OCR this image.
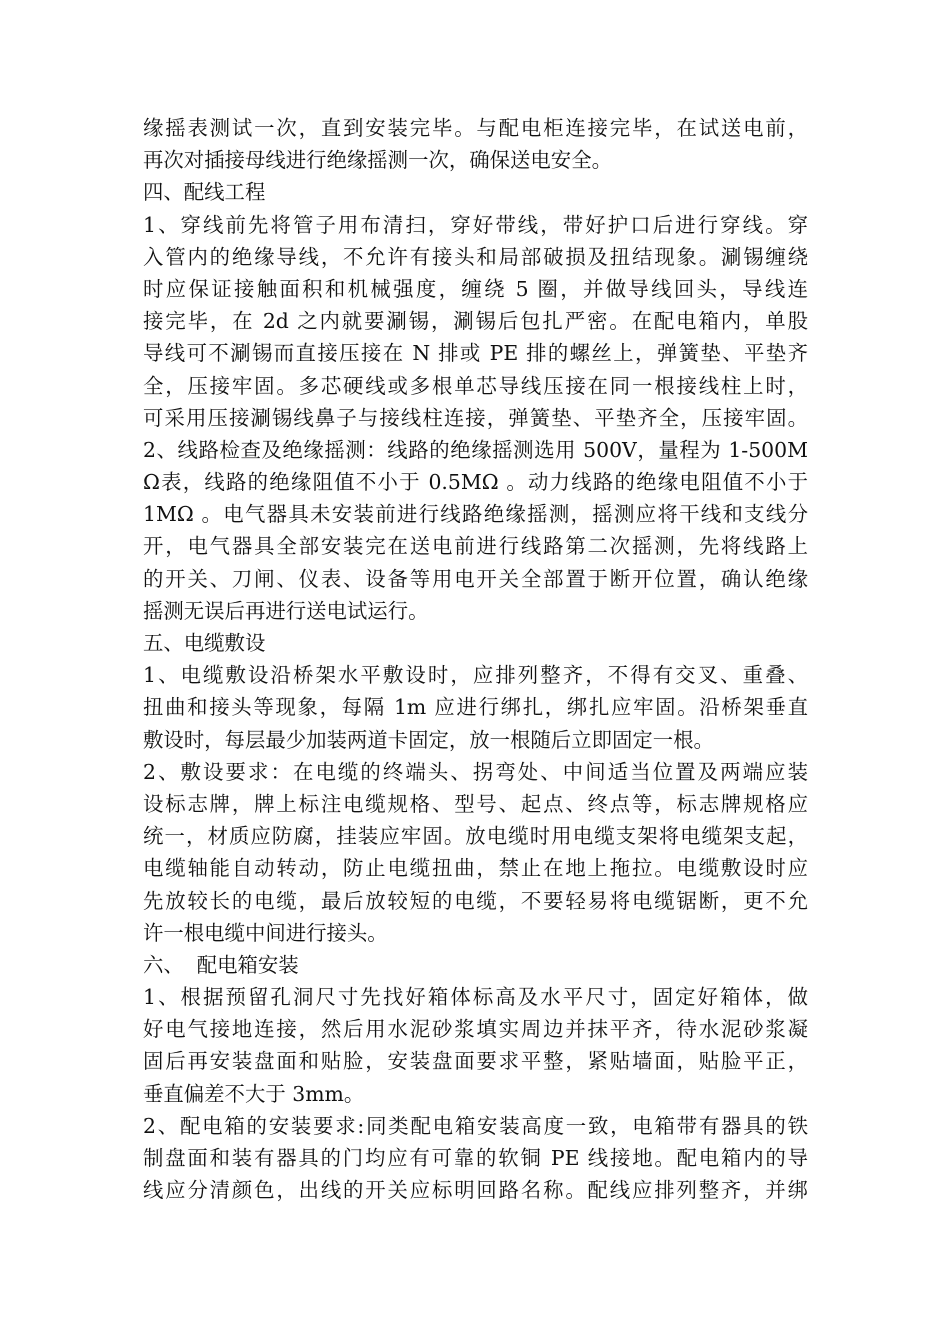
缘摇表测试一次，直到安装完毕。与配电柜连接完毕，在试送电前，
再次对插接母线进行绝缘摇测一次，确保送电安全。
四、配线工程
1、穿线前先将管子用布清扫，穿好带线，带好护口后进行穿线。穿
入管内的绝缘导线，不允许有接头和局部破损及扭结现象。涮锡缠绕
时应保证接触面积和机械强度，缠绕 5 圈，并做导线回头，导线连
接完毕，在 2d 之内就要涮锡，涮锡后包扎严密。在配电箱内，单股
导线可不涮锡而直接压接在 N 排或 PE 排的螺丝上，弹簧垫、平垫齐
全，压接牢固。多芯硬线或多根单芯导线压接在同一根接线柱上时，
可采用压接涮锡线鼻子与接线柱连接，弹簧垫、平垫齐全，压接牢固。
2、线路检查及绝缘摇测：线路的绝缘摇测选用 500V，量程为 1-500M
Ω表，线路的绝缘阻值不小于 0.5MΩ 。动力线路的绝缘电阻值不小于
1MΩ 。电气器具未安装前进行线路绝缘摇测，摇测应将干线和支线分
开，电气器具全部安装完在送电前进行线路第二次摇测，先将线路上
的开关、刀闸、仪表、设备等用电开关全部置于断开位置，确认绝缘
摇测无误后再进行送电试运行。
五、电缆敷设
1、电缆敷设沿桥架水平敷设时，应排列整齐，不得有交叉、重叠、
扭曲和接头等现象，每隔 1m 应进行绑扎，绑扎应牢固。沿桥架垂直
敷设时，每层最少加装两道卡固定，放一根随后立即固定一根。
2、敷设要求：在电缆的终端头、拐弯处、中间适当位置及两端应装
设标志牌，牌上标注电缆规格、型号、起点、终点等，标志牌规格应
统一，材质应防腐，挂装应牢固。放电缆时用电缆支架将电缆架支起，
电缆轴能自动转动，防止电缆扭曲，禁止在地上拖拉。电缆敷设时应
先放较长的电缆，最后放较短的电缆，不要轻易将电缆锯断，更不允
许一根电缆中间进行接头。
六、  配电箱安装
1、根据预留孔洞尺寸先找好箱体标高及水平尺寸，固定好箱体，做
好电气接地连接，然后用水泥砂浆填实周边并抹平齐，待水泥砂浆凝
固后再安装盘面和贴脸，安装盘面要求平整，紧贴墙面，贴脸平正，
垂直偏差不大于 3mm。
2、配电箱的安装要求:同类配电箱安装高度一致，电箱带有器具的铁
制盘面和装有器具的门均应有可靠的软铜 PE 线接地。配电箱内的导
线应分清颜色，出线的开关应标明回路名称。配线应排列整齐，并绑
